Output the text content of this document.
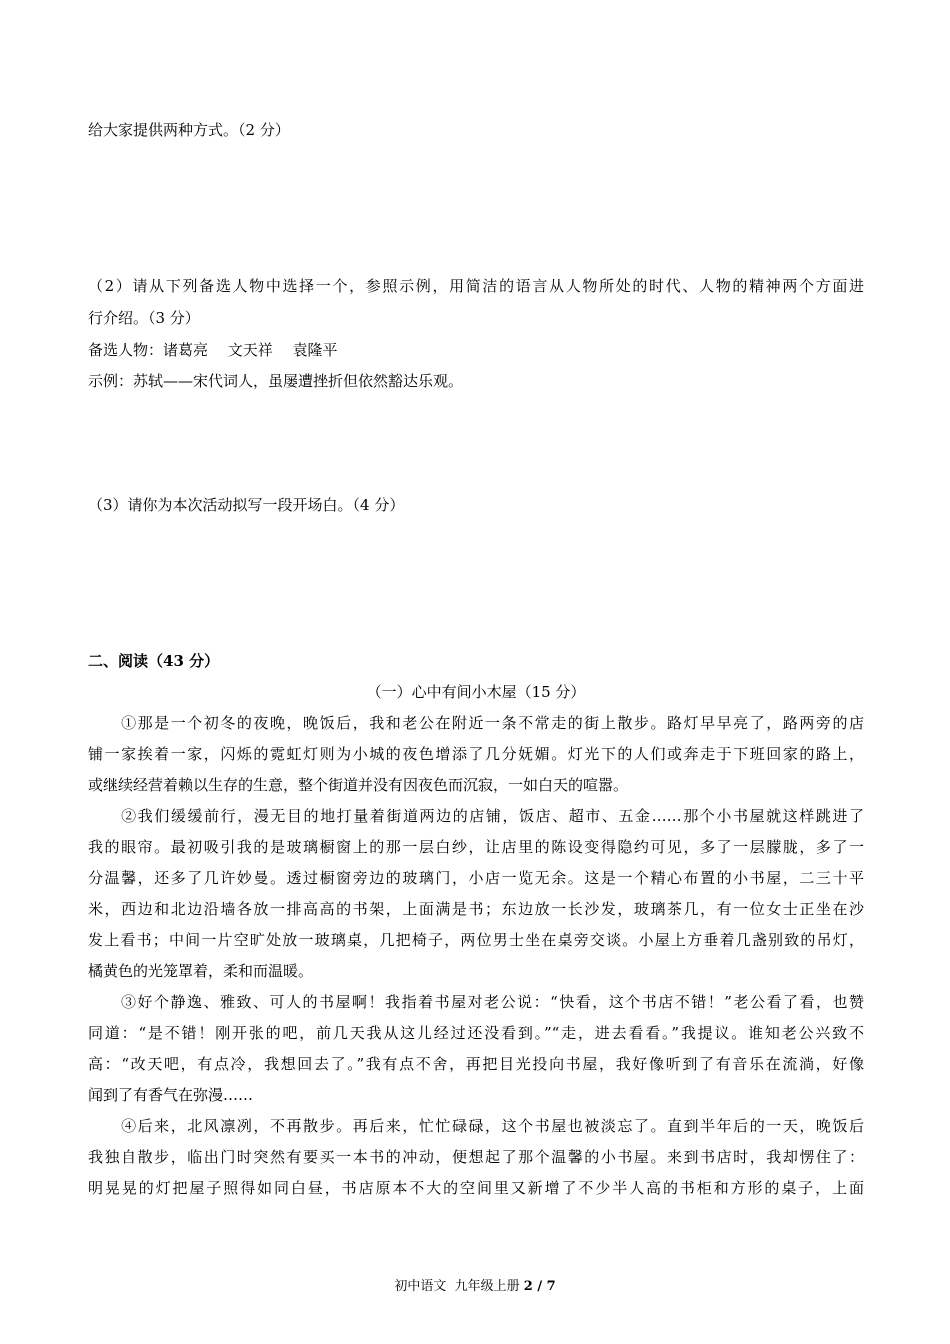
给大家提供两种方式。（2 分）
（2）请从下列备选人物中选择一个，参照示例，用简洁的语言从人物所处的时代、人物的精神两个方面进
行介绍。（3 分）
备选人物：诸葛亮　 文天祥　 袁隆平
示例：苏轼——宋代词人，虽屡遭挫折但依然豁达乐观。
（3）请你为本次活动拟写一段开场白。（4 分）
二、阅读（43 分）
（一）心中有间小木屋（15 分）
　　①那是一个初冬的夜晚，晚饭后，我和老公在附近一条不常走的街上散步。路灯早早亮了，路两旁的店
铺一家挨着一家，闪烁的霓虹灯则为小城的夜色增添了几分妩媚。灯光下的人们或奔走于下班回家的路上，
或继续经营着赖以生存的生意，整个街道并没有因夜色而沉寂，一如白天的喧嚣。
　　②我们缓缓前行，漫无目的地打量着街道两边的店铺，饭店、超市、五金……那个小书屋就这样跳进了
我的眼帘。最初吸引我的是玻璃橱窗上的那一层白纱，让店里的陈设变得隐约可见，多了一层朦胧，多了一
分温馨，还多了几许妙曼。透过橱窗旁边的玻璃门，小店一览无余。这是一个精心布置的小书屋，二三十平
米，西边和北边沿墙各放一排高高的书架，上面满是书；东边放一长沙发，玻璃茶几，有一位女士正坐在沙
发上看书；中间一片空旷处放一玻璃桌，几把椅子，两位男士坐在桌旁交谈。小屋上方垂着几盏别致的吊灯，
橘黄色的光笼罩着，柔和而温暖。
　　③好个静逸、雅致、可人的书屋啊！我指着书屋对老公说：“快看，这个书店不错！”老公看了看，也赞
同道：“是不错！刚开张的吧，前几天我从这儿经过还没看到。”“走，进去看看。”我提议。谁知老公兴致不
高：“改天吧，有点冷，我想回去了。”我有点不舍，再把目光投向书屋，我好像听到了有音乐在流淌，好像
闻到了有香气在弥漫……
　　④后来，北风凛冽，不再散步。再后来，忙忙碌碌，这个书屋也被淡忘了。直到半年后的一天，晚饭后
我独自散步，临出门时突然有要买一本书的冲动，便想起了那个温馨的小书屋。来到书店时，我却愣住了：
明晃晃的灯把屋子照得如同白昼，书店原本不大的空间里又新增了不少半人高的书柜和方形的桌子，上面
初中语文  九年级上册 2 / 7
